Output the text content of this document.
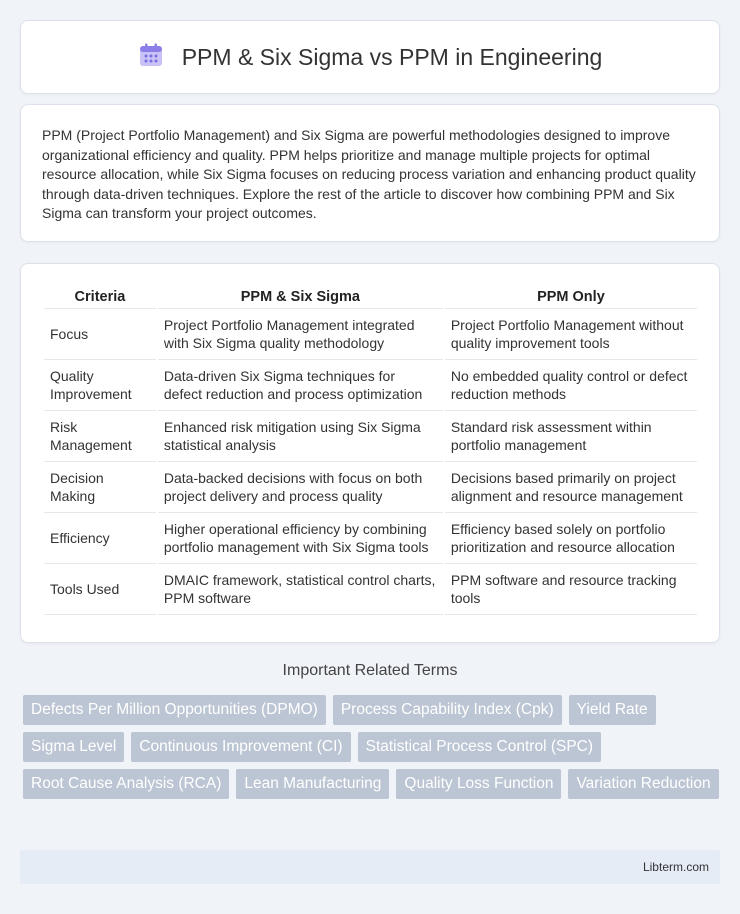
PPM & Six Sigma vs PPM in Engineering

PPM (Project Portfolio Management) and Six Sigma are powerful methodologies designed to improve organizational efficiency and quality. PPM helps prioritize and manage multiple projects for optimal resource allocation, while Six Sigma focuses on reducing process variation and enhancing product quality through data-driven techniques. Explore the rest of the article to discover how combining PPM and Six Sigma can transform your project outcomes.

Criteria	PPM & Six Sigma	PPM Only
Focus	Project Portfolio Management integrated with Six Sigma quality methodology	Project Portfolio Management without quality improvement tools
Quality Improvement	Data-driven Six Sigma techniques for defect reduction and process optimization	No embedded quality control or defect reduction methods
Risk Management	Enhanced risk mitigation using Six Sigma statistical analysis	Standard risk assessment within portfolio management
Decision Making	Data-backed decisions with focus on both project delivery and process quality	Decisions based primarily on project alignment and resource management
Efficiency	Higher operational efficiency by combining portfolio management with Six Sigma tools	Efficiency based solely on portfolio prioritization and resource allocation
Tools Used	DMAIC framework, statistical control charts, PPM software	PPM software and resource tracking tools
Important Related Terms
Defects Per Million Opportunities (DPMO)	Process Capability Index (Cpk)	Yield Rate
Sigma Level	Continuous Improvement (CI)	Statistical Process Control (SPC)
Root Cause Analysis (RCA)	Lean Manufacturing	Quality Loss Function	Variation Reduction
Libterm.com
